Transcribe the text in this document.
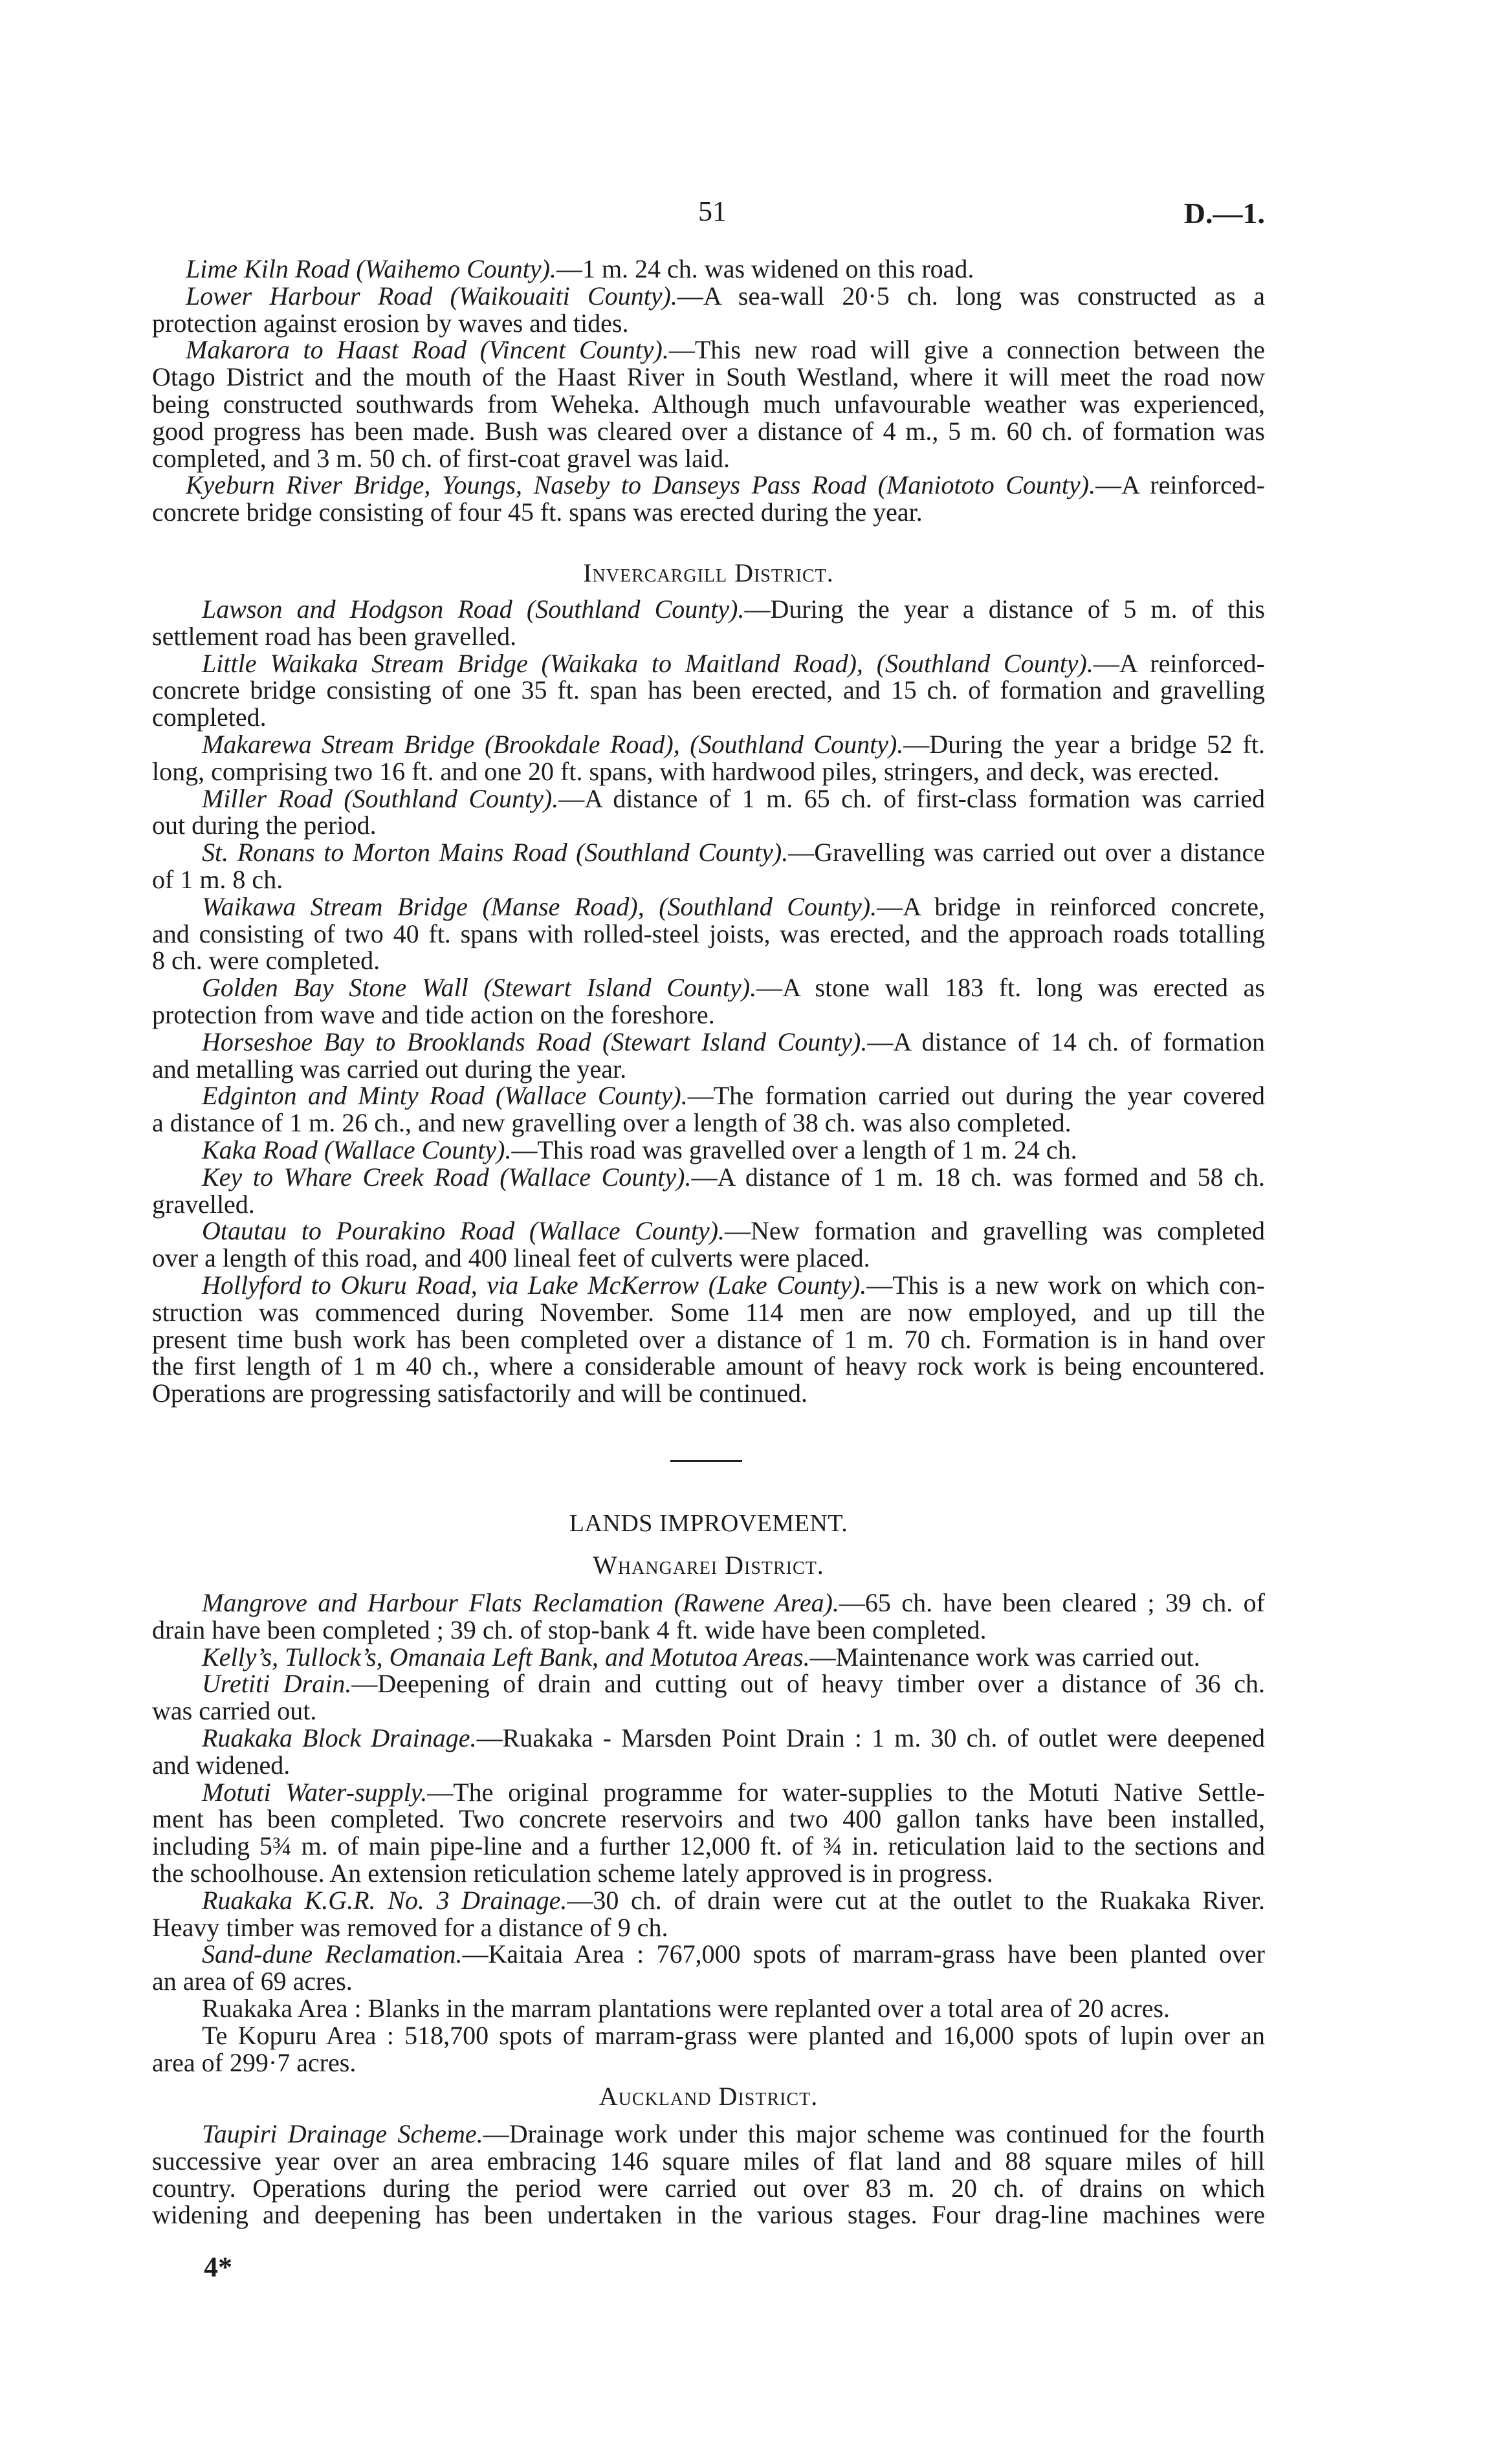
51	D.—1.
Lime Kiln Road (Waihemo County).—1 m. 24 ch. was widened on this road.
Lower Harbour Road (Waikouaiti County).—A sea-wall 20·5 ch. long was constructed as a
protection against erosion by waves and tides.
Makarora to Haast Road (Vincent County).—This new road will give a connection between the
Otago District and the mouth of the Haast River in South Westland, where it will meet the road now
being constructed southwards from Weheka. Although much unfavourable weather was experienced,
good progress has been made. Bush was cleared over a distance of 4 m., 5 m. 60 ch. of formation was
completed, and 3 m. 50 ch. of first-coat gravel was laid.
Kyeburn River Bridge, Youngs, Naseby to Danseys Pass Road (Maniototo County).—A reinforced-
concrete bridge consisting of four 45 ft. spans was erected during the year.
Invercargill District.
Lawson and Hodgson Road (Southland County).—During the year a distance of 5 m. of this
settlement road has been gravelled.
Little Waikaka Stream Bridge (Waikaka to Maitland Road), (Southland County).—A reinforced-
concrete bridge consisting of one 35 ft. span has been erected, and 15 ch. of formation and gravelling
completed.
Makarewa Stream Bridge (Brookdale Road), (Southland County).—During the year a bridge 52 ft.
long, comprising two 16 ft. and one 20 ft. spans, with hardwood piles, stringers, and deck, was erected.
Miller Road (Southland County).—A distance of 1 m. 65 ch. of first-class formation was carried
out during the period.
St. Ronans to Morton Mains Road (Southland County).—Gravelling was carried out over a distance
of 1 m. 8 ch.
Waikawa Stream Bridge (Manse Road), (Southland County).—A bridge in reinforced concrete,
and consisting of two 40 ft. spans with rolled-steel joists, was erected, and the approach roads totalling
8 ch. were completed.
Golden Bay Stone Wall (Stewart Island County).—A stone wall 183 ft. long was erected as
protection from wave and tide action on the foreshore.
Horseshoe Bay to Brooklands Road (Stewart Island County).—A distance of 14 ch. of formation
and metalling was carried out during the year.
Edginton and Minty Road (Wallace County).—The formation carried out during the year covered
a distance of 1 m. 26 ch., and new gravelling over a length of 38 ch. was also completed.
Kaka Road (Wallace County).—This road was gravelled over a length of 1 m. 24 ch.
Key to Whare Creek Road (Wallace County).—A distance of 1 m. 18 ch. was formed and 58 ch.
gravelled.
Otautau to Pourakino Road (Wallace County).—New formation and gravelling was completed
over a length of this road, and 400 lineal feet of culverts were placed.
Hollyford to Okuru Road, via Lake McKerrow (Lake County).—This is a new work on which con-
struction was commenced during November. Some 114 men are now employed, and up till the
present time bush work has been completed over a distance of 1 m. 70 ch. Formation is in hand over
the first length of 1 m 40 ch., where a considerable amount of heavy rock work is being encountered.
Operations are progressing satisfactorily and will be continued.
LANDS IMPROVEMENT.
Whangarei District.
Mangrove and Harbour Flats Reclamation (Rawene Area).—65 ch. have been cleared ; 39 ch. of
drain have been completed ; 39 ch. of stop-bank 4 ft. wide have been completed.
Kelly’s, Tullock’s, Omanaia Left Bank, and Motutoa Areas.—Maintenance work was carried out.
Uretiti Drain.—Deepening of drain and cutting out of heavy timber over a distance of 36 ch.
was carried out.
Ruakaka Block Drainage.—Ruakaka - Marsden Point Drain : 1 m. 30 ch. of outlet were deepened
and widened.
Motuti Water-supply.—The original programme for water-supplies to the Motuti Native Settle-
ment has been completed. Two concrete reservoirs and two 400 gallon tanks have been installed,
including 5¾ m. of main pipe-line and a further 12,000 ft. of ¾ in. reticulation laid to the sections and
the schoolhouse. An extension reticulation scheme lately approved is in progress.
Ruakaka K.G.R. No. 3 Drainage.—30 ch. of drain were cut at the outlet to the Ruakaka River.
Heavy timber was removed for a distance of 9 ch.
Sand-dune Reclamation.—Kaitaia Area : 767,000 spots of marram-grass have been planted over
an area of 69 acres.
Ruakaka Area : Blanks in the marram plantations were replanted over a total area of 20 acres.
Te Kopuru Area : 518,700 spots of marram-grass were planted and 16,000 spots of lupin over an
area of 299·7 acres.
Auckland District.
Taupiri Drainage Scheme.—Drainage work under this major scheme was continued for the fourth
successive year over an area embracing 146 square miles of flat land and 88 square miles of hill
country. Operations during the period were carried out over 83 m. 20 ch. of drains on which
widening and deepening has been undertaken in the various stages. Four drag-line machines were
4*
